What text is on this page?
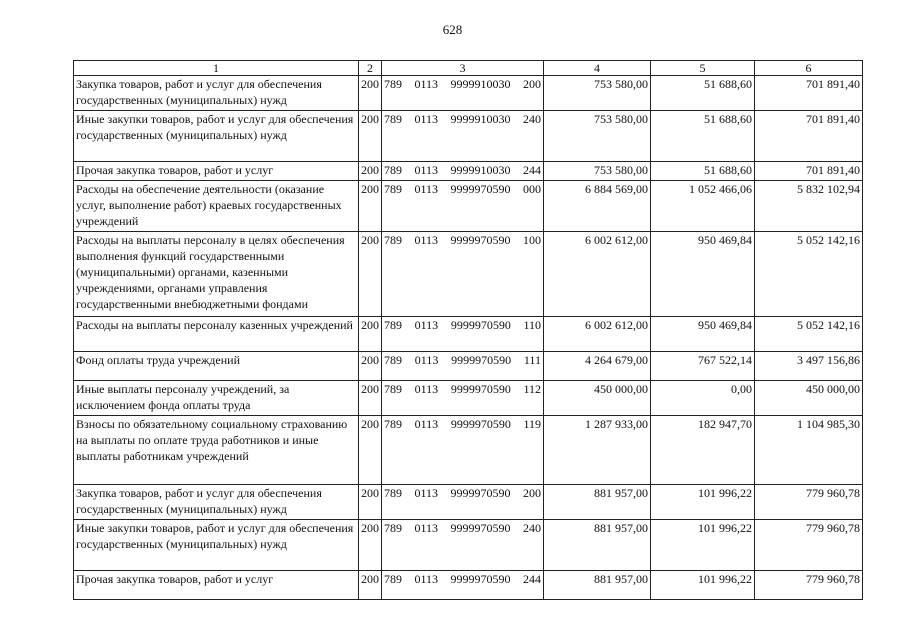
628
1	2	3	4	5	6
Закупка товаров, работ и услуг для обеспечения государственных (муниципальных) нужд	200	789 0113 9999910030 200	753 580,00	51 688,60	701 891,40
Иные закупки товаров, работ и услуг для обеспечения государственных (муниципальных) нужд	200	789 0113 9999910030 240	753 580,00	51 688,60	701 891,40
Прочая закупка товаров, работ и услуг	200	789 0113 9999910030 244	753 580,00	51 688,60	701 891,40
Расходы на обеспечение деятельности (оказание услуг, выполнение работ) краевых государственных учреждений	200	789 0113 9999970590 000	6 884 569,00	1 052 466,06	5 832 102,94
Расходы на выплаты персоналу в целях обеспечения выполнения функций государственными (муниципальными) органами, казенными учреждениями, органами управления государственными внебюджетными фондами	200	789 0113 9999970590 100	6 002 612,00	950 469,84	5 052 142,16
Расходы на выплаты персоналу казенных учреждений	200	789 0113 9999970590 110	6 002 612,00	950 469,84	5 052 142,16
Фонд оплаты труда учреждений	200	789 0113 9999970590 111	4 264 679,00	767 522,14	3 497 156,86
Иные выплаты персоналу учреждений, за исключением фонда оплаты труда	200	789 0113 9999970590 112	450 000,00	0,00	450 000,00
Взносы по обязательному социальному страхованию на выплаты по оплате труда работников и иные выплаты работникам учреждений	200	789 0113 9999970590 119	1 287 933,00	182 947,70	1 104 985,30
Закупка товаров, работ и услуг для обеспечения государственных (муниципальных) нужд	200	789 0113 9999970590 200	881 957,00	101 996,22	779 960,78
Иные закупки товаров, работ и услуг для обеспечения государственных (муниципальных) нужд	200	789 0113 9999970590 240	881 957,00	101 996,22	779 960,78
Прочая закупка товаров, работ и услуг	200	789 0113 9999970590 244	881 957,00	101 996,22	779 960,78
